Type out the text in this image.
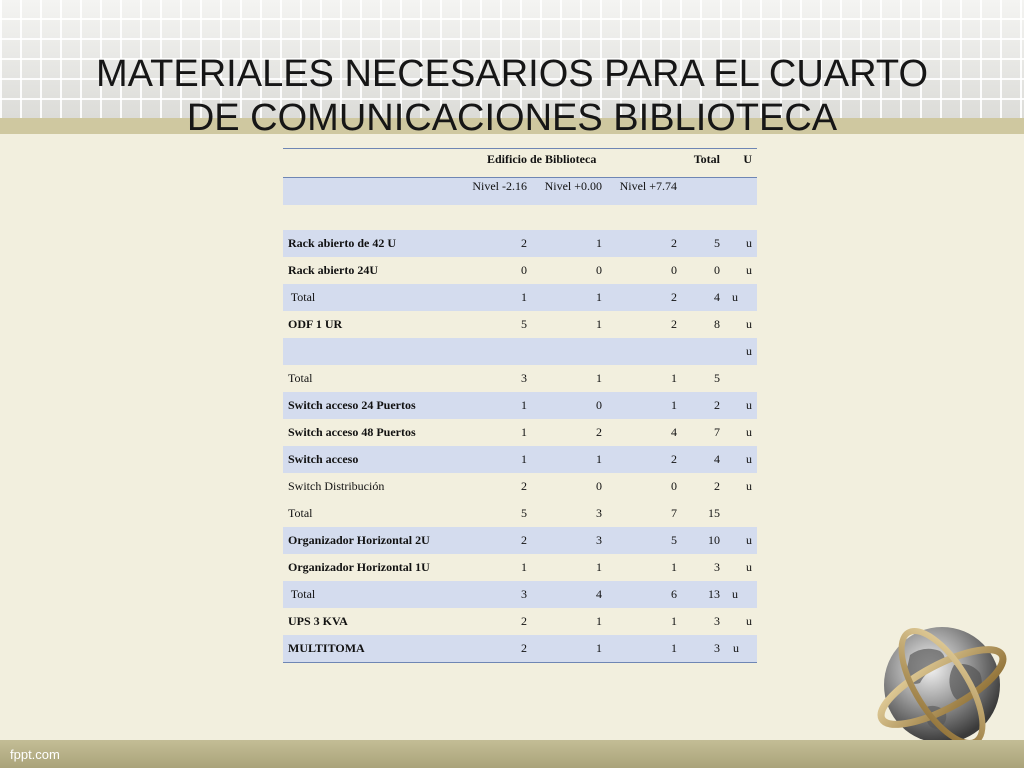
MATERIALES NECESARIOS PARA EL CUARTO
DE COMUNICACIONES BIBLIOTECA
Edificio de Biblioteca	Total U
Nivel -2.16 Nivel +0.00 Nivel +7.74
Rack abierto de 42 U	2	1	2	5 u
Rack abierto 24U	0	0	0	0 u
Total	1	1	2	4 u
ODF 1 UR	5	1	2	8 u
u
Total	3	1	1	5
Switch acceso 24 Puertos	1	0	1	2 u
Switch acceso 48 Puertos	1	2	4	7 u
Switch acceso	1	1	2	4 u
Switch Distribución	2	0	0	2 u
Total	5	3	7	15
Organizador Horizontal 2U	2	3	5	10 u
Organizador Horizontal 1U	1	1	1	3 u
Total	3	4	6	13 u
UPS 3 KVA	2	1	1	3 u
MULTITOMA	2	1	1	3 u
fppt.com
